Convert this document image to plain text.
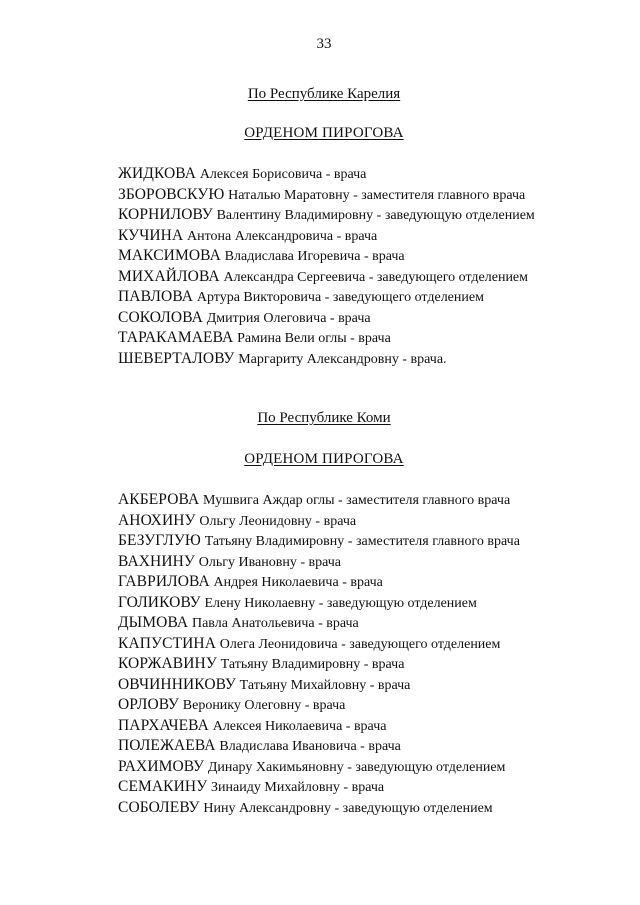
33
По Республике Карелия
ОРДЕНОМ ПИРОГОВА
ЖИДКОВА Алексея Борисовича - врача
ЗБОРОВСКУЮ Наталью Маратовну - заместителя главного врача
КОРНИЛОВУ Валентину Владимировну - заведующую отделением
КУЧИНА Антона Александровича - врача
МАКСИМОВА Владислава Игоревича - врача
МИХАЙЛОВА Александра Сергеевича - заведующего отделением
ПАВЛОВА Артура Викторовича - заведующего отделением
СОКОЛОВА Дмитрия Олеговича - врача
ТАРАКАМАЕВА Рамина Вели оглы - врача
ШЕВЕРТАЛОВУ Маргариту Александровну - врача.
По Республике Коми
ОРДЕНОМ ПИРОГОВА
АКБЕРОВА Мушвига Аждар оглы - заместителя главного врача
АНОХИНУ Ольгу Леонидовну - врача
БЕЗУГЛУЮ Татьяну Владимировну - заместителя главного врача
ВАХНИНУ Ольгу Ивановну - врача
ГАВРИЛОВА Андрея Николаевича - врача
ГОЛИКОВУ Елену Николаевну - заведующую отделением
ДЫМОВА Павла Анатольевича - врача
КАПУСТИНА Олега Леонидовича - заведующего отделением
КОРЖАВИНУ Татьяну Владимировну - врача
ОВЧИННИКОВУ Татьяну Михайловну - врача
ОРЛОВУ Веронику Олеговну - врача
ПАРХАЧЕВА Алексея Николаевича - врача
ПОЛЕЖАЕВА Владислава Ивановича - врача
РАХИМОВУ Динару Хакимьяновну - заведующую отделением
СЕМАКИНУ Зинаиду Михайловну - врача
СОБОЛЕВУ Нину Александровну - заведующую отделением
